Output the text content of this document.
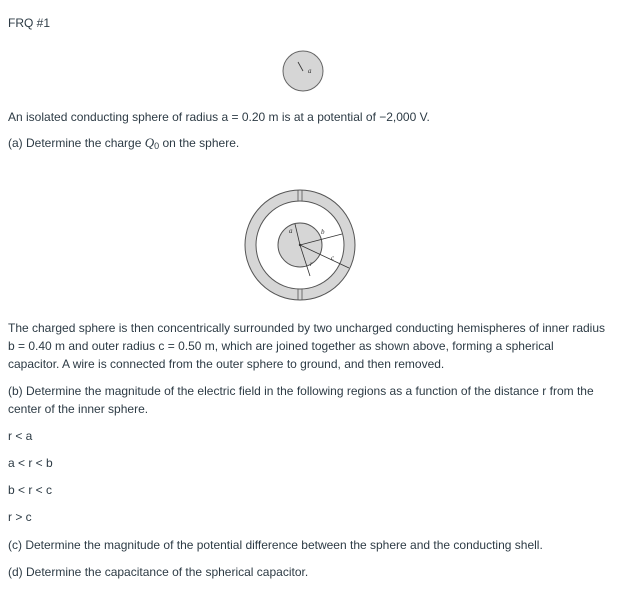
FRQ #1
a
An isolated conducting sphere of radius a = 0.20 m is at a potential of −2,000 V.
(a) Determine the charge $Q_0$ on the sphere.
a	b
c
r

The charged sphere is then concentrically surrounded by two uncharged conducting hemispheres of inner radius b = 0.40 m and outer radius c = 0.50 m, which are joined together as shown above, forming a spherical capacitor. A wire is connected from the outer sphere to ground, and then removed.

(b) Determine the magnitude of the electric field in the following regions as a function of the distance r from the center of the inner sphere.

r < a
a < r < b
b < r < c
r > c
(c) Determine the magnitude of the potential difference between the sphere and the conducting shell.
(d) Determine the capacitance of the spherical capacitor.
